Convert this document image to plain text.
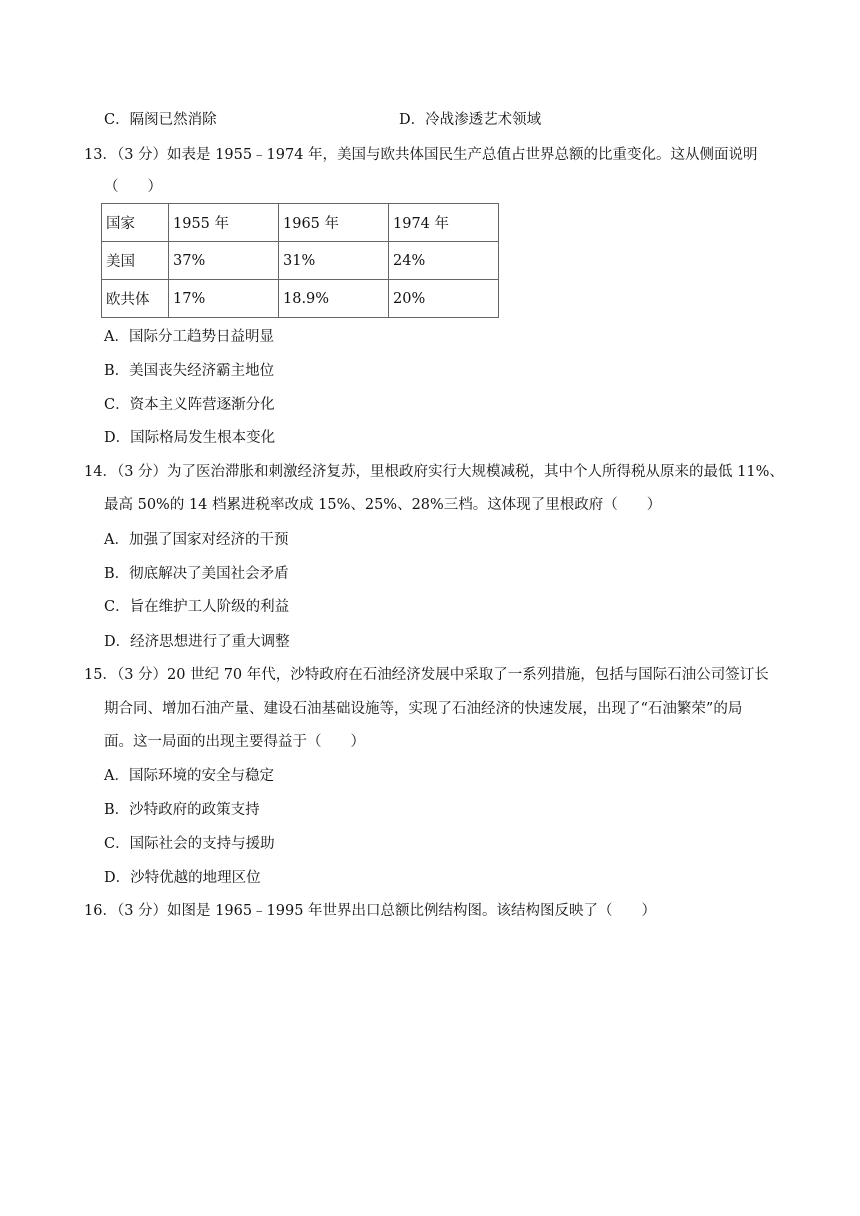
C．隔阂已然消除	D．冷战渗透艺术领域
13．（3 分）如表是 1955﹣1974 年，美国与欧共体国民生产总值占世界总额的比重变化。这从侧面说明
（　　）
国家	1955 年	1965 年	1974 年
美国	37%	31%	24%
欧共体	17%	18.9%	20%
A．国际分工趋势日益明显
B．美国丧失经济霸主地位
C．资本主义阵营逐渐分化
D．国际格局发生根本变化
14．（3 分）为了医治滞胀和刺激经济复苏，里根政府实行大规模减税，其中个人所得税从原来的最低 11%、
最高 50%的 14 档累进税率改成 15%、25%、28%三档。这体现了里根政府（　　）
A．加强了国家对经济的干预
B．彻底解决了美国社会矛盾
C．旨在维护工人阶级的利益
D．经济思想进行了重大调整
15．（3 分）20 世纪 70 年代，沙特政府在石油经济发展中采取了一系列措施，包括与国际石油公司签订长
期合同、增加石油产量、建设石油基础设施等，实现了石油经济的快速发展，出现了“石油繁荣”的局
面。这一局面的出现主要得益于（　　）
A．国际环境的安全与稳定
B．沙特政府的政策支持
C．国际社会的支持与援助
D．沙特优越的地理区位
16．（3 分）如图是 1965﹣1995 年世界出口总额比例结构图。该结构图反映了（　　）
